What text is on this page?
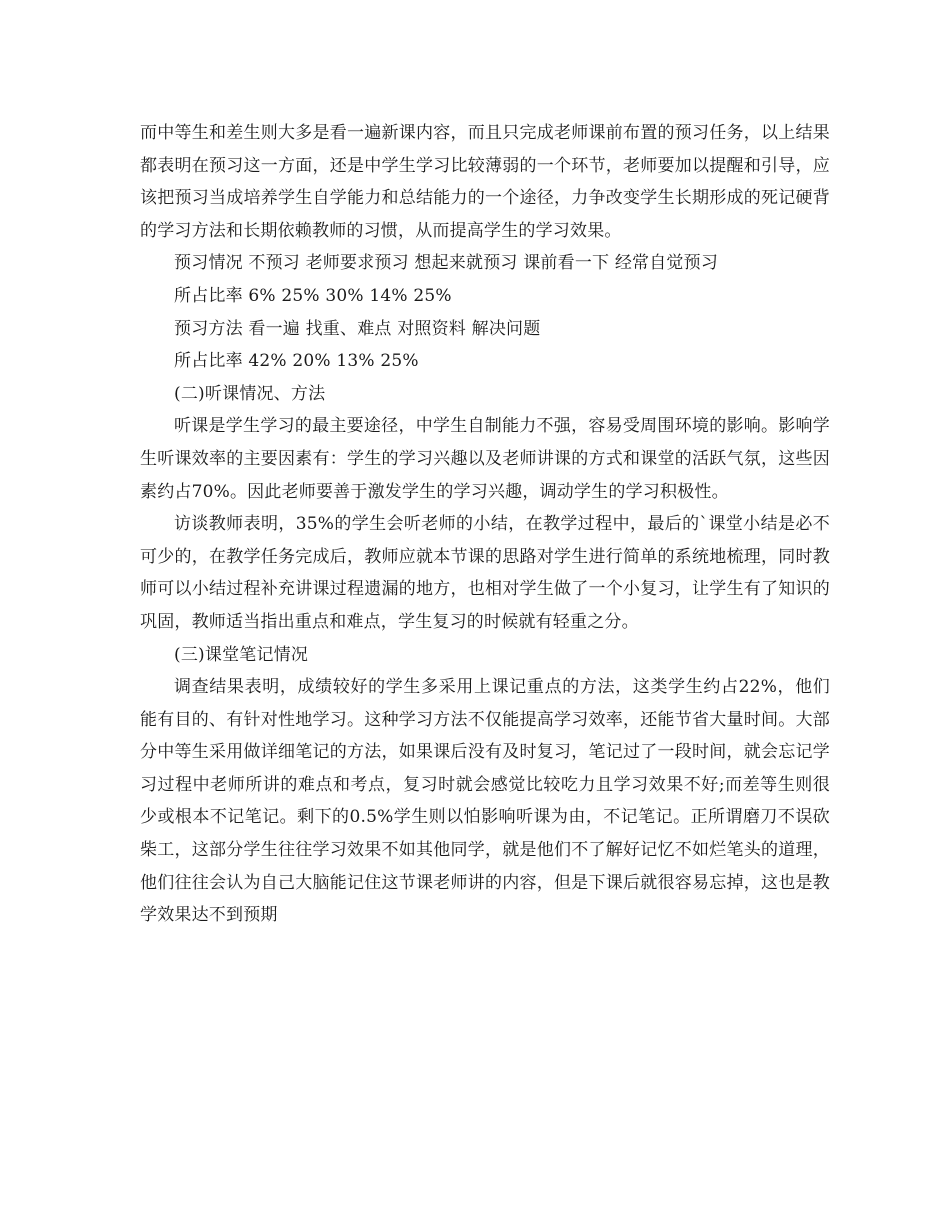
而中等生和差生则大多是看一遍新课内容，而且只完成老师课前布置的预习任务，以上结果都表明在预习这一方面，还是中学生学习比较薄弱的一个环节，老师要加以提醒和引导，应该把预习当成培养学生自学能力和总结能力的一个途径，力争改变学生长期形成的死记硬背的学习方法和长期依赖教师的习惯，从而提高学生的学习效果。

预习情况 不预习 老师要求预习 想起来就预习 课前看一下 经常自觉预习

所占比率 6% 25% 30% 14% 25%

预习方法 看一遍 找重、难点 对照资料 解决问题

所占比率 42% 20% 13% 25%

(二)听课情况、方法

听课是学生学习的最主要途径，中学生自制能力不强，容易受周围环境的影响。影响学生听课效率的主要因素有：学生的学习兴趣以及老师讲课的方式和课堂的活跃气氛，这些因素约占70%。因此老师要善于激发学生的学习兴趣，调动学生的学习积极性。

访谈教师表明，35%的学生会听老师的小结，在教学过程中，最后的`课堂小结是必不可少的，在教学任务完成后，教师应就本节课的思路对学生进行简单的系统地梳理，同时教师可以小结过程补充讲课过程遗漏的地方，也相对学生做了一个小复习，让学生有了知识的巩固，教师适当指出重点和难点，学生复习的时候就有轻重之分。

(三)课堂笔记情况

调查结果表明，成绩较好的学生多采用上课记重点的方法，这类学生约占22%，他们能有目的、有针对性地学习。这种学习方法不仅能提高学习效率，还能节省大量时间。大部分中等生采用做详细笔记的方法，如果课后没有及时复习，笔记过了一段时间，就会忘记学习过程中老师所讲的难点和考点，复习时就会感觉比较吃力且学习效果不好;而差等生则很少或根本不记笔记。剩下的0.5%学生则以怕影响听课为由，不记笔记。正所谓磨刀不误砍柴工，这部分学生往往学习效果不如其他同学，就是他们不了解好记忆不如烂笔头的道理，他们往往会认为自己大脑能记住这节课老师讲的内容，但是下课后就很容易忘掉，这也是教学效果达不到预期
